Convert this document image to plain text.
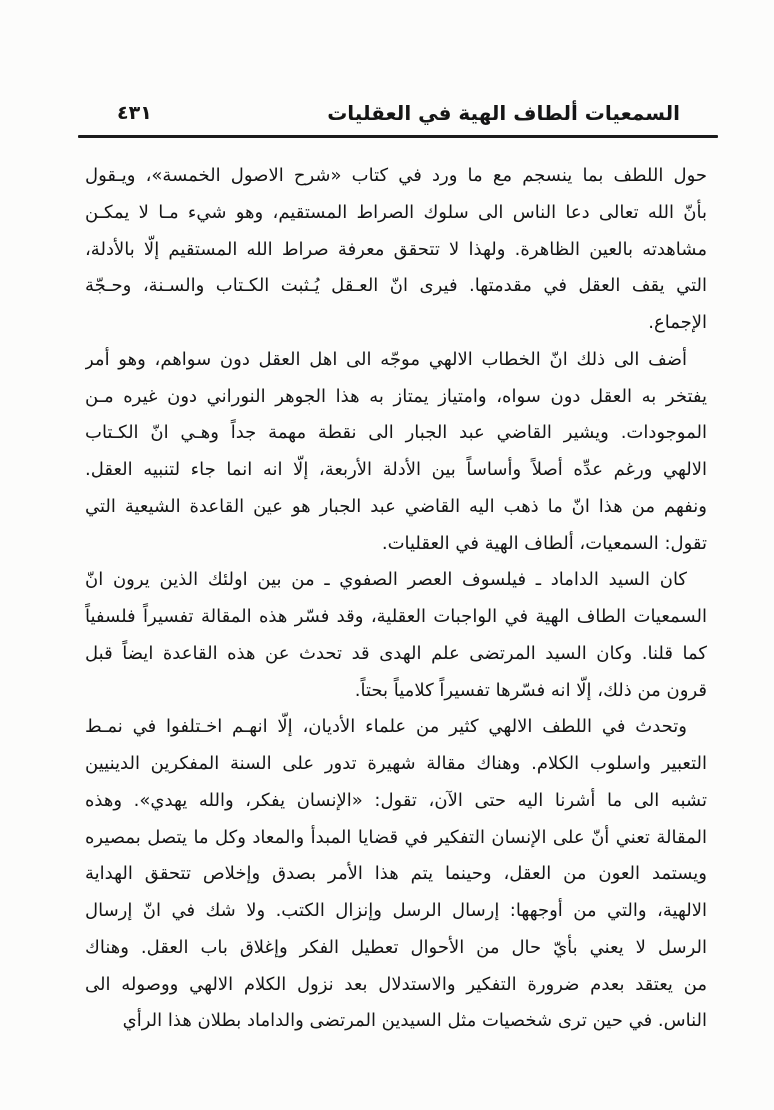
السمعيات ألطاف الهية في العقليات
٤٣١
حول اللطف بما ينسجم مع ما ورد في كتاب «شرح الاصول الخمسة»، ويـقول
بأنّ الله تعالى دعا الناس الى سلوك الصراط المستقيم، وهو شيء مـا لا يمكـن
مشاهدته بالعين الظاهرة. ولهذا لا تتحقق معرفة صراط الله المستقيم إلّا بالأدلة،
التي يقف العقل في مقدمتها. فيرى انّ العـقل يُـثبت الكـتاب والسـنة، وحـجّة
الإجماع.
أضف الى ذلك انّ الخطاب الالهي موجّه الى اهل العقل دون سواهم، وهو أمر
يفتخر به العقل دون سواه، وامتياز يمتاز به هذا الجوهر النوراني دون غيره مـن
الموجودات. ويشير القاضي عبد الجبار الى نقطة مهمة جداً وهـي انّ الكـتاب
الالهي ورغم عدِّه أصلاً وأساساً بين الأدلة الأربعة، إلّا انه انما جاء لتنبيه العقل.
ونفهم من هذا انّ ما ذهب اليه القاضي عبد الجبار هو عين القاعدة الشيعية التي
تقول: السمعيات، ألطاف الهية في العقليات.
كان السيد الداماد ـ فيلسوف العصر الصفوي ـ من بين اولئك الذين يرون انّ
السمعيات الطاف الهية في الواجبات العقلية، وقد فسّر هذه المقالة تفسيراً فلسفياً
كما قلنا. وكان السيد المرتضى علم الهدى قد تحدث عن هذه القاعدة ايضاً قبل
قرون من ذلك، إلّا انه فسّرها تفسيراً كلامياً بحتاً.
وتحدث في اللطف الالهي كثير من علماء الأديان، إلّا انهـم اخـتلفوا في نمـط
التعبير واسلوب الكلام. وهناك مقالة شهيرة تدور على السنة المفكرين الدينيين
تشبه الى ما أشرنا اليه حتى الآن، تقول: «الإنسان يفكر، والله يهدي». وهذه
المقالة تعني أنّ على الإنسان التفكير في قضايا المبدأ والمعاد وكل ما يتصل بمصيره
ويستمد العون من العقل، وحينما يتم هذا الأمر بصدق وإخلاص تتحقق الهداية
الالهية، والتي من أوجهها: إرسال الرسل وإنزال الكتب. ولا شك في انّ إرسال
الرسل لا يعني بأيّ حال من الأحوال تعطيل الفكر وإغلاق باب العقل. وهناك
من يعتقد بعدم ضرورة التفكير والاستدلال بعد نزول الكلام الالهي ووصوله الى
الناس. في حين ترى شخصيات مثل السيدين المرتضى والداماد بطلان هذا الرأي
